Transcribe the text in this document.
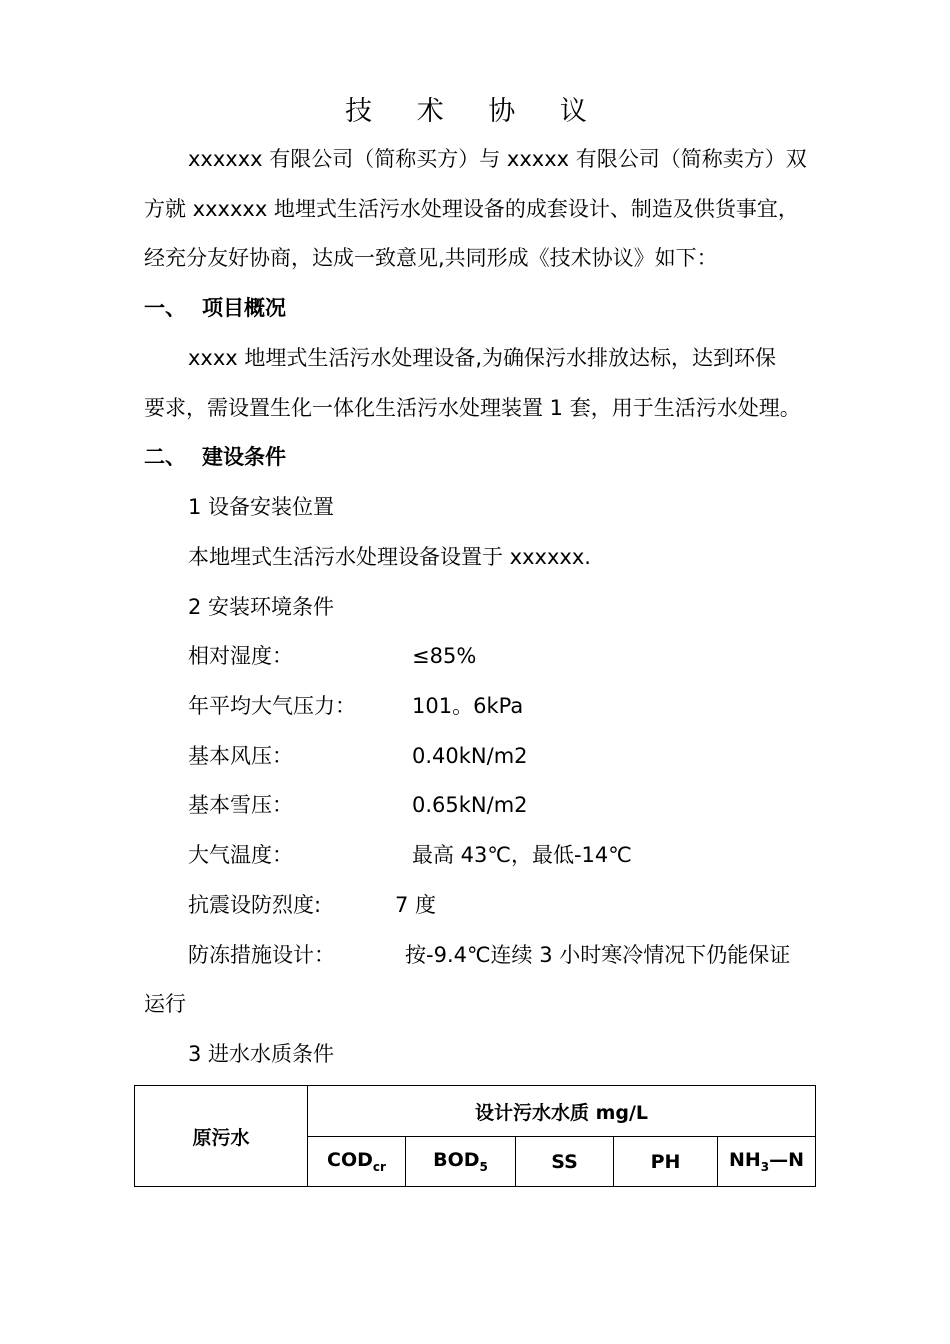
技 术 协 议
xxxxxx 有限公司（简称买方）与 xxxxx 有限公司（简称卖方）双
方就 xxxxxx 地埋式生活污水处理设备的成套设计、制造及供货事宜，
经充分友好协商，达成一致意见,共同形成《技术协议》如下：
一、 项目概况
xxxx 地埋式生活污水处理设备,为确保污水排放达标，达到环保
要求，需设置生化一体化生活污水处理装置 1 套，用于生活污水处理。
二、 建设条件
1 设备安装位置
本地埋式生活污水处理设备设置于 xxxxxx.
2 安装环境条件
相对湿度：	≤85%
年平均大气压力：	101。6kPa
基本风压：	0.40kN/m2
基本雪压：	0.65kN/m2
大气温度：	最高 43℃，最低-14℃
抗震设防烈度:	7 度
防冻措施设计：	按-9.4℃连续 3 小时寒冷情况下仍能保证
运行
3 进水水质条件
原污水	设计污水水质 mg/L				
	$COD_{cr}$	$BOD_5$	SS	PH	$NH_3—N$
